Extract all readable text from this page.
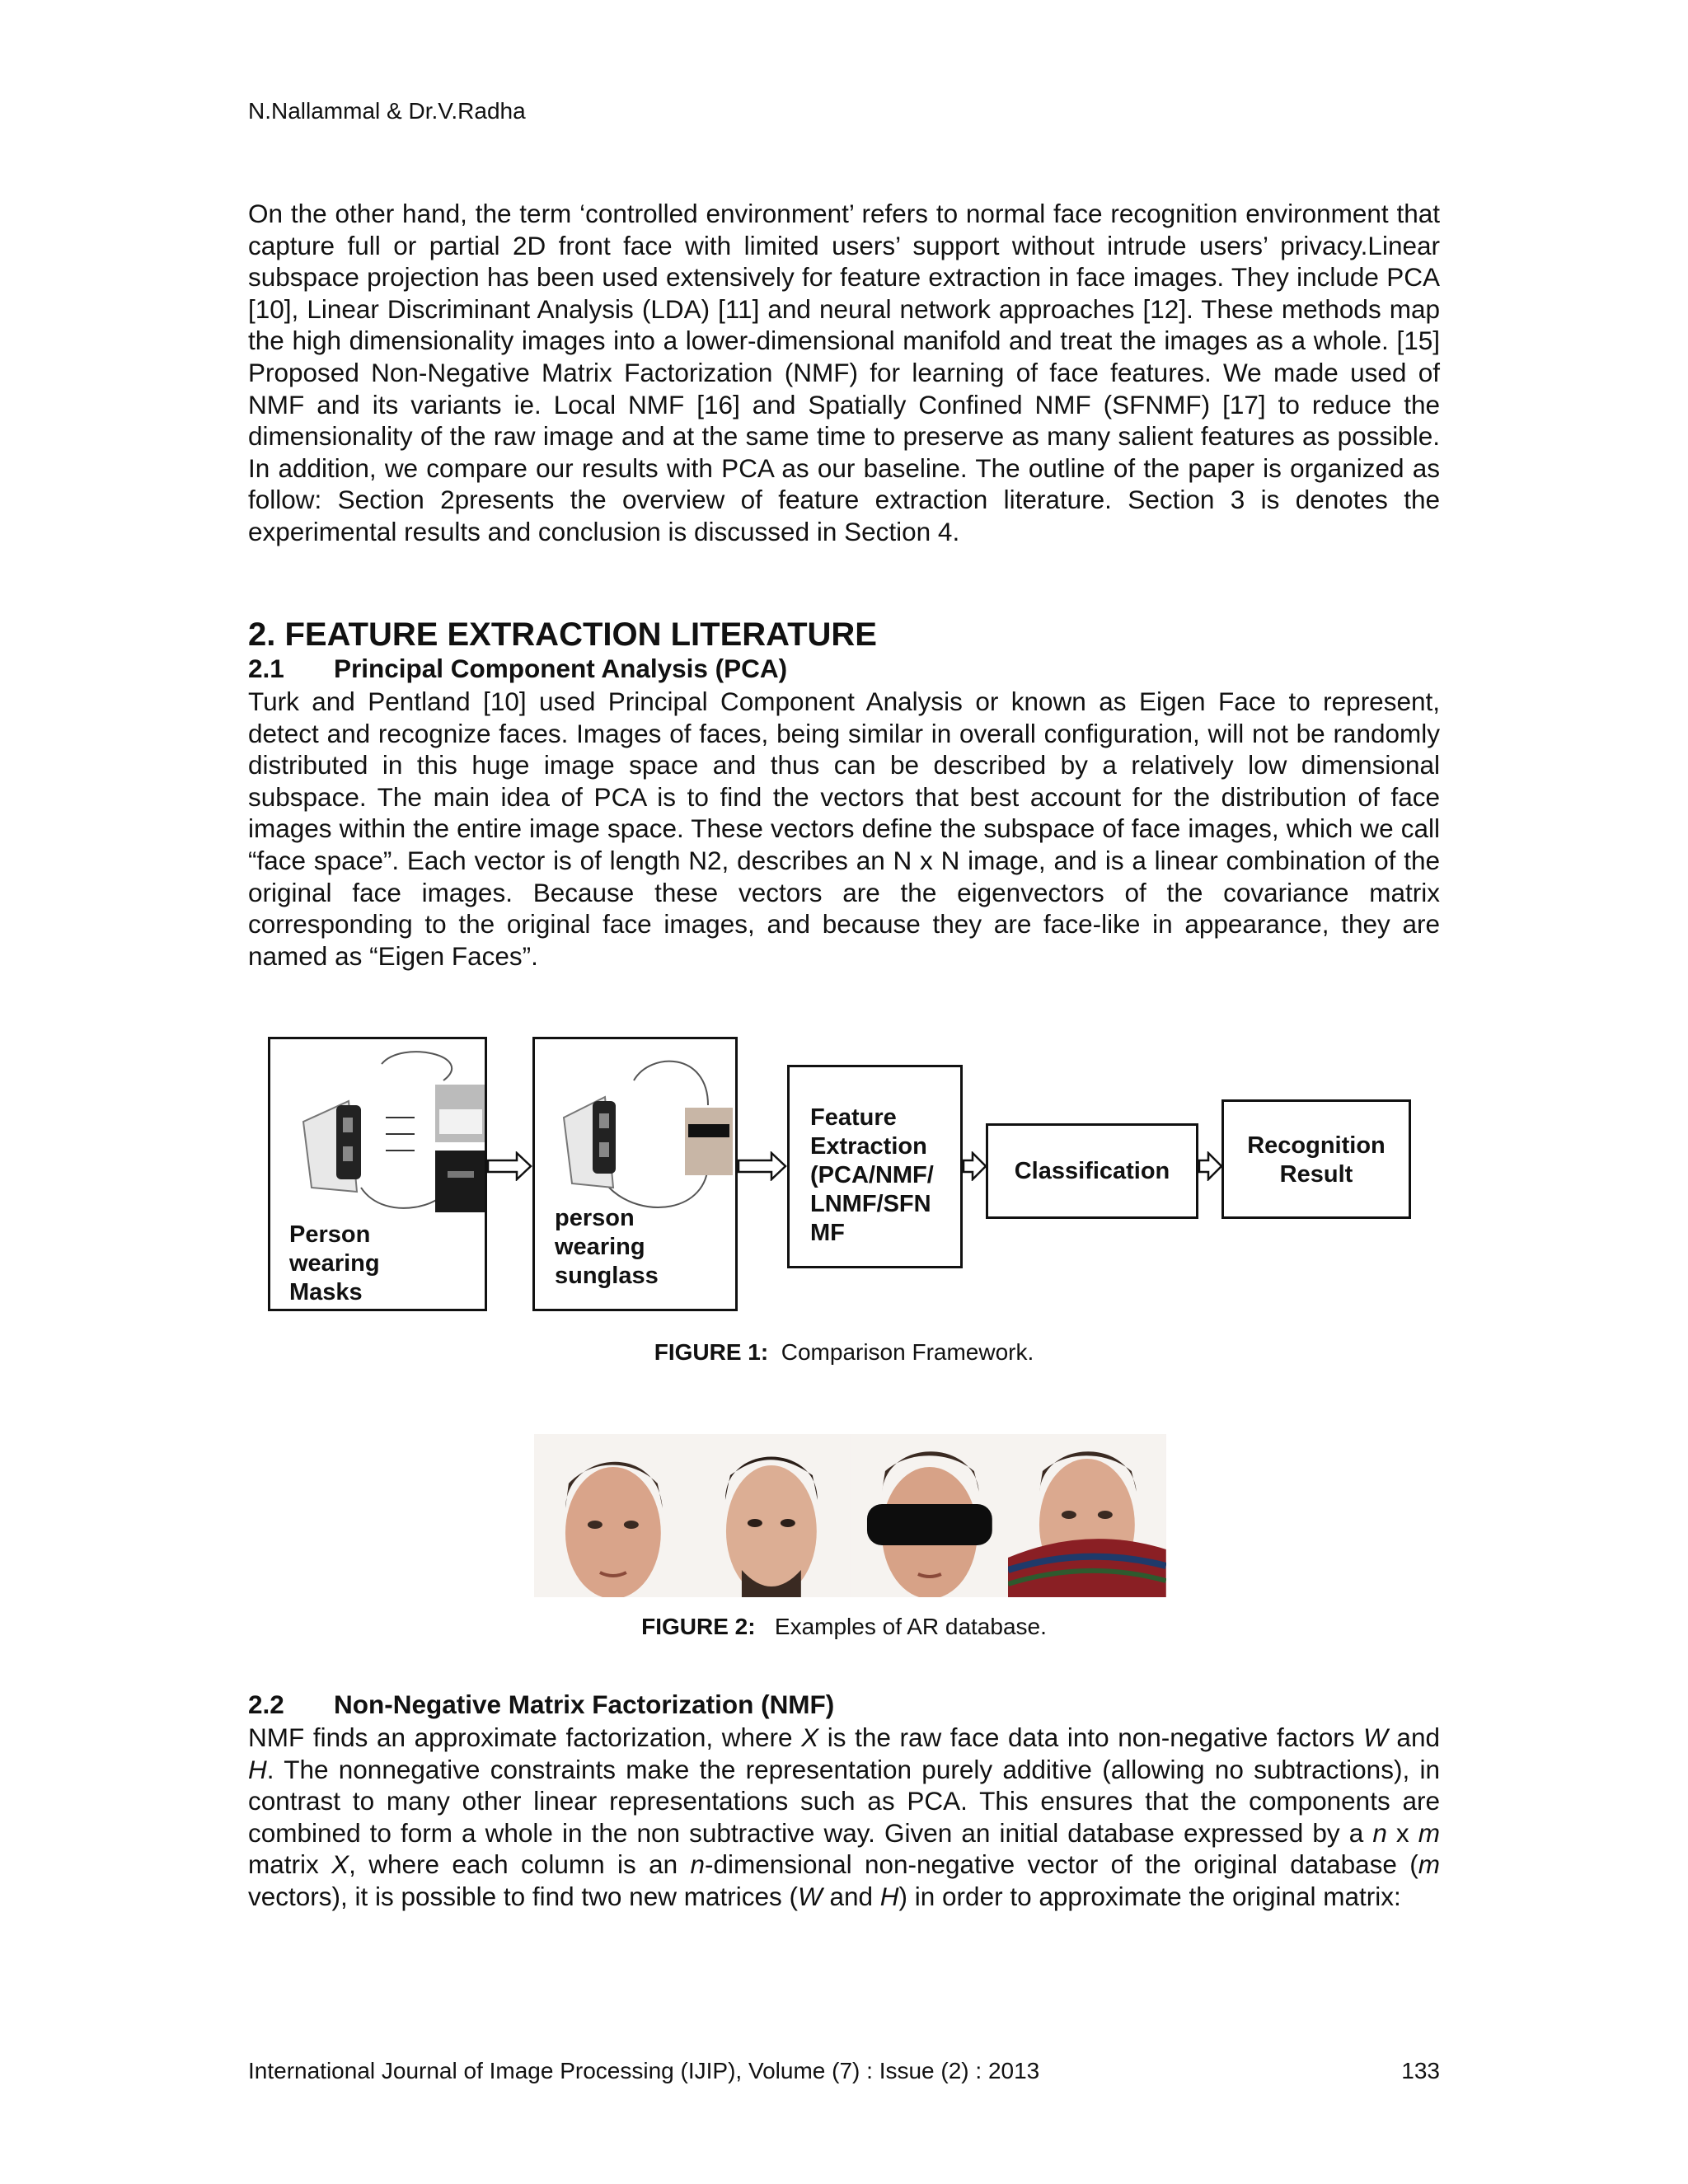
N.Nallammal & Dr.V.Radha

On the other hand, the term ‘controlled environment’ refers to normal face recognition environment that capture full or partial 2D front face with limited users’ support without intrude users’ privacy.Linear subspace projection has been used extensively for feature extraction in face images. They include PCA [10], Linear Discriminant Analysis (LDA) [11] and neural network approaches [12]. These methods map the high dimensionality images into a lower-dimensional manifold and treat the images as a whole. [15] Proposed Non-Negative Matrix Factorization (NMF) for learning of face features. We made used of NMF and its variants ie. Local NMF [16] and Spatially Confined NMF (SFNMF) [17] to reduce the dimensionality of the raw image and at the same time to preserve as many salient features as possible. In addition, we compare our results with PCA as our baseline. The outline of the paper is organized as follow: Section 2presents the overview of feature extraction literature. Section 3 is denotes the experimental results and conclusion is discussed in Section 4.

2. FEATURE EXTRACTION LITERATURE
2.1 Principal Component Analysis (PCA)

Turk and Pentland [10] used Principal Component Analysis or known as Eigen Face to represent, detect and recognize faces. Images of faces, being similar in overall configuration, will not be randomly distributed in this huge image space and thus can be described by a relatively low dimensional subspace. The main idea of PCA is to find the vectors that best account for the distribution of face images within the entire image space. These vectors define the subspace of face images, which we call “face space”. Each vector is of length N2, describes an N x N image, and is a linear combination of the original face images. Because these vectors are the eigenvectors of the covariance matrix corresponding to the original face images, and because they are face-like in appearance, they are named as “Eigen Faces”.

Person
wearing
Masks
person
wearing
sunglass
Feature
Extraction
(PCA/NMF/
LNMF/SFN
MF
Classification
Recognition
Result
FIGURE 1: Comparison Framework.
FIGURE 2: Examples of AR database.
2.2 Non-Negative Matrix Factorization (NMF)

NMF finds an approximate factorization, where X is the raw face data into non-negative factors W and H. The nonnegative constraints make the representation purely additive (allowing no subtractions), in contrast to many other linear representations such as PCA. This ensures that the components are combined to form a whole in the non subtractive way. Given an initial database expressed by a n x m matrix X, where each column is an n-dimensional non-negative vector of the original database (m vectors), it is possible to find two new matrices (W and H) in order to approximate the original matrix:

International Journal of Image Processing (IJIP), Volume (7) : Issue (2) : 2013	133
